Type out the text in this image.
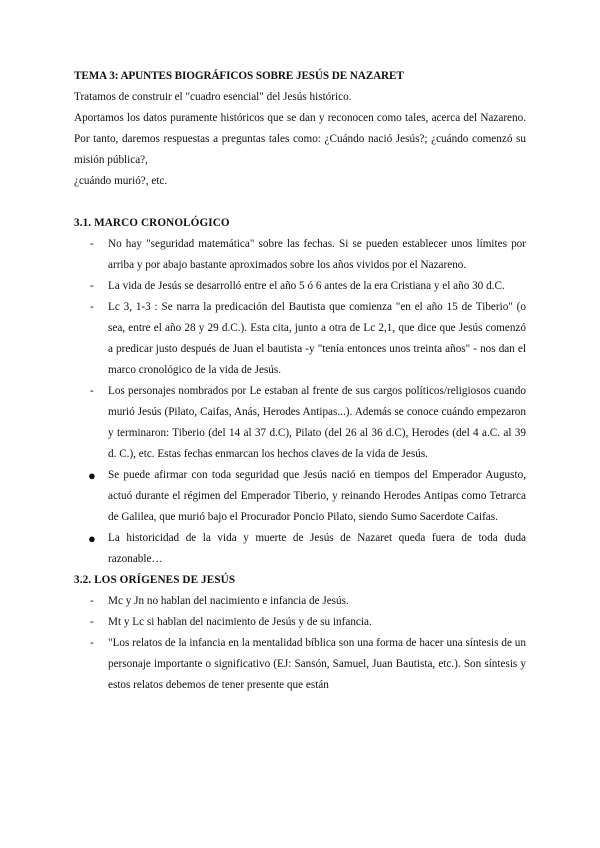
TEMA 3: APUNTES BIOGRÁFICOS SOBRE JESÚS DE NAZARET

Tratamos de construir el "cuadro esencial" del Jesús histórico.

Aportamos los datos puramente históricos que se dan y reconocen como tales, acerca del Nazareno. Por tanto, daremos respuestas a preguntas tales como: ¿Cuándo nació Jesús?; ¿cuándo comenzó su misión pública?,

¿cuándo murió?, etc.

3.1. MARCO CRONOLÓGICO

-	No hay "seguridad matemática" sobre las fechas. Si se pueden establecer unos límites por arriba y por abajo bastante aproximados sobre los años vividos por el Nazareno.
-	La vida de Jesús se desarrolló entre el año 5 ó 6 antes de la era Cristiana y el año 30 d.C.
-	Lc 3, 1-3 : Se narra la predicación del Bautista que comienza "en el año 15 de Tiberio" (o sea, entre el año 28 y 29 d.C.). Esta cita, junto a otra de Lc 2,1, que dice que Jesús comenzó a predicar justo después de Juan el bautista -y "tenía entonces unos treinta años" - nos dan el marco cronológico de la vida de Jesús.
-	Los personajes nombrados por Le estaban al frente de sus cargos políticos/religiosos cuando murió Jesús (Pilato, Caifas, Anás, Herodes Antipas...). Además se conoce cuándo empezaron y terminaron: Tiberio (del 14 al 37 d.C), Pilato (del 26 al 36 d.C), Herodes (del 4 a.C. al 39 d. C.), etc. Estas fechas enmarcan los hechos claves de la vida de Jesús.
● Se puede afirmar con toda seguridad que Jesús nació en tiempos del Emperador Augusto, actuó durante el régimen del Emperador Tiberio, y reinando Herodes Antipas como Tetrarca de Galilea, que murió bajo el Procurador Poncio Pilato, siendo Sumo Sacerdote Caifas.
● La historicidad de la vida y muerte de Jesús de Nazaret queda fuera de toda duda razonable…

3.2. LOS ORÍGENES DE JESÚS

-	Mc y Jn no hablan del nacimiento e infancia de Jesús.
-	Mt y Lc si hablan del nacimiento de Jesús y de su infancia.
-	"Los relatos de la infancia en la mentalidad bíblica son una forma de hacer una síntesis de un personaje importante o significativo (EJ: Sansón, Samuel, Juan Bautista, etc.). Son síntesis y estos relatos debemos de tener presente que están
